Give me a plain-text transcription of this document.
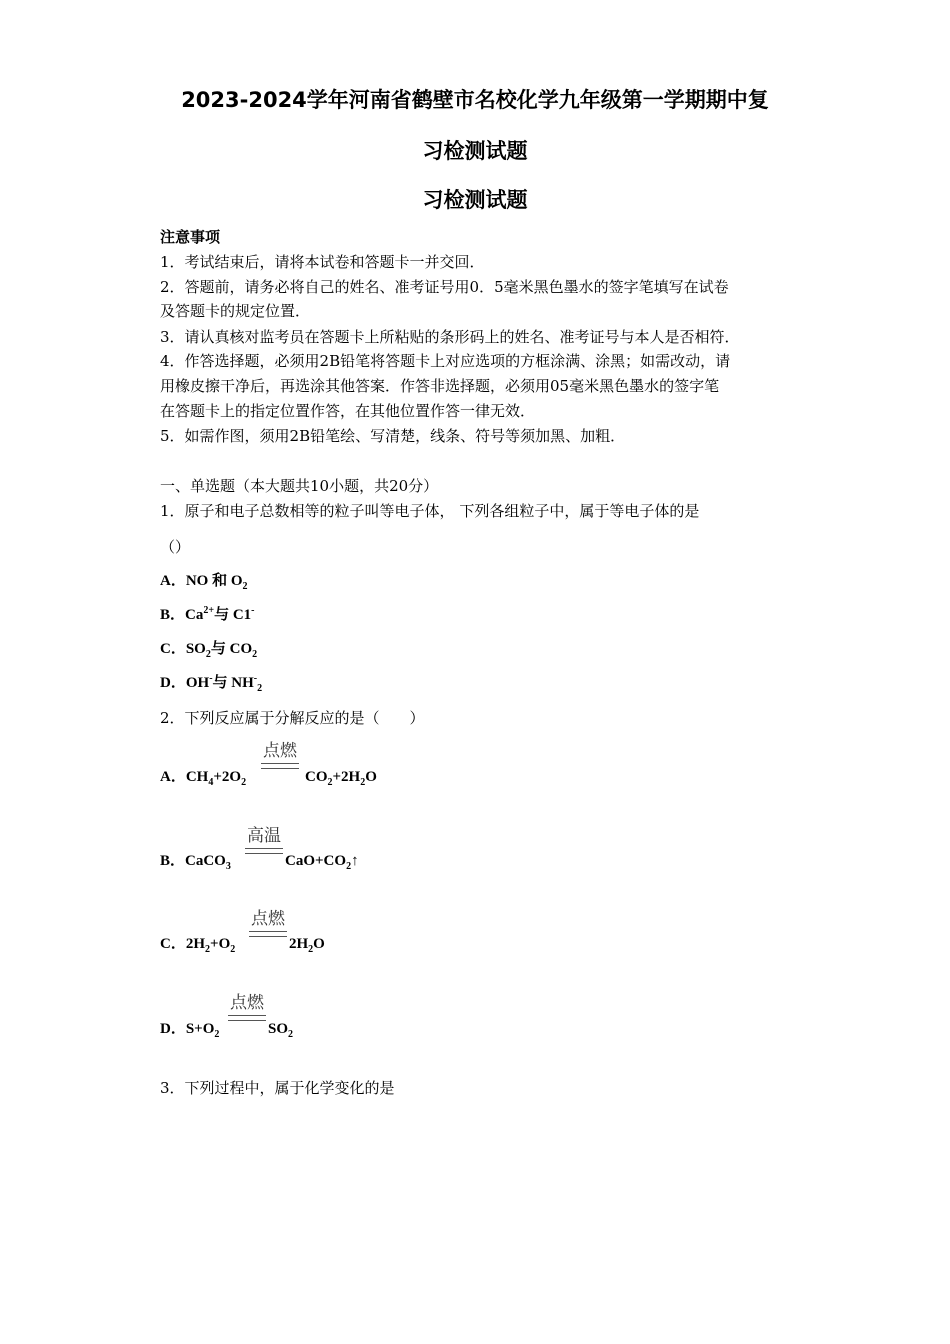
2023-2024学年河南省鹤壁市名校化学九年级第一学期期中复
习检测试题
习检测试题
注意事项
1．考试结束后，请将本试卷和答题卡一并交回．
2．答题前，请务必将自己的姓名、准考证号用0．5毫米黑色墨水的签字笔填写在试卷
及答题卡的规定位置．
3．请认真核对监考员在答题卡上所粘贴的条形码上的姓名、准考证号与本人是否相符．
4．作答选择题，必须用2B铅笔将答题卡上对应选项的方框涂满、涂黑；如需改动，请
用橡皮擦干净后，再选涂其他答案．作答非选择题，必须用05毫米黑色墨水的签字笔
在答题卡上的指定位置作答，在其他位置作答一律无效．
5．如需作图，须用2B铅笔绘、写清楚，线条、符号等须加黑、加粗．
一、单选题（本大题共10小题，共20分）
1．原子和电子总数相等的粒子叫等电子体， 下列各组粒子中，属于等电子体的是
（）
A．NO 和 $O_2$
B．$Ca^{2+}$与 C1-
C．$SO_2$与 $CO_2$
D．OH-与 $NH^-_2$
2．下列反应属于分解反应的是（　　）
点燃
A．$CH_4+2O_2$	$CO_2+2H_2O$
高温
B．CaCO$_3$	$CaO+CO_2↑$
点燃
C．$2H_2+O_2$	$2H_2O$
点燃
D．$S+O_2$	$SO_2$
3．下列过程中，属于化学变化的是
